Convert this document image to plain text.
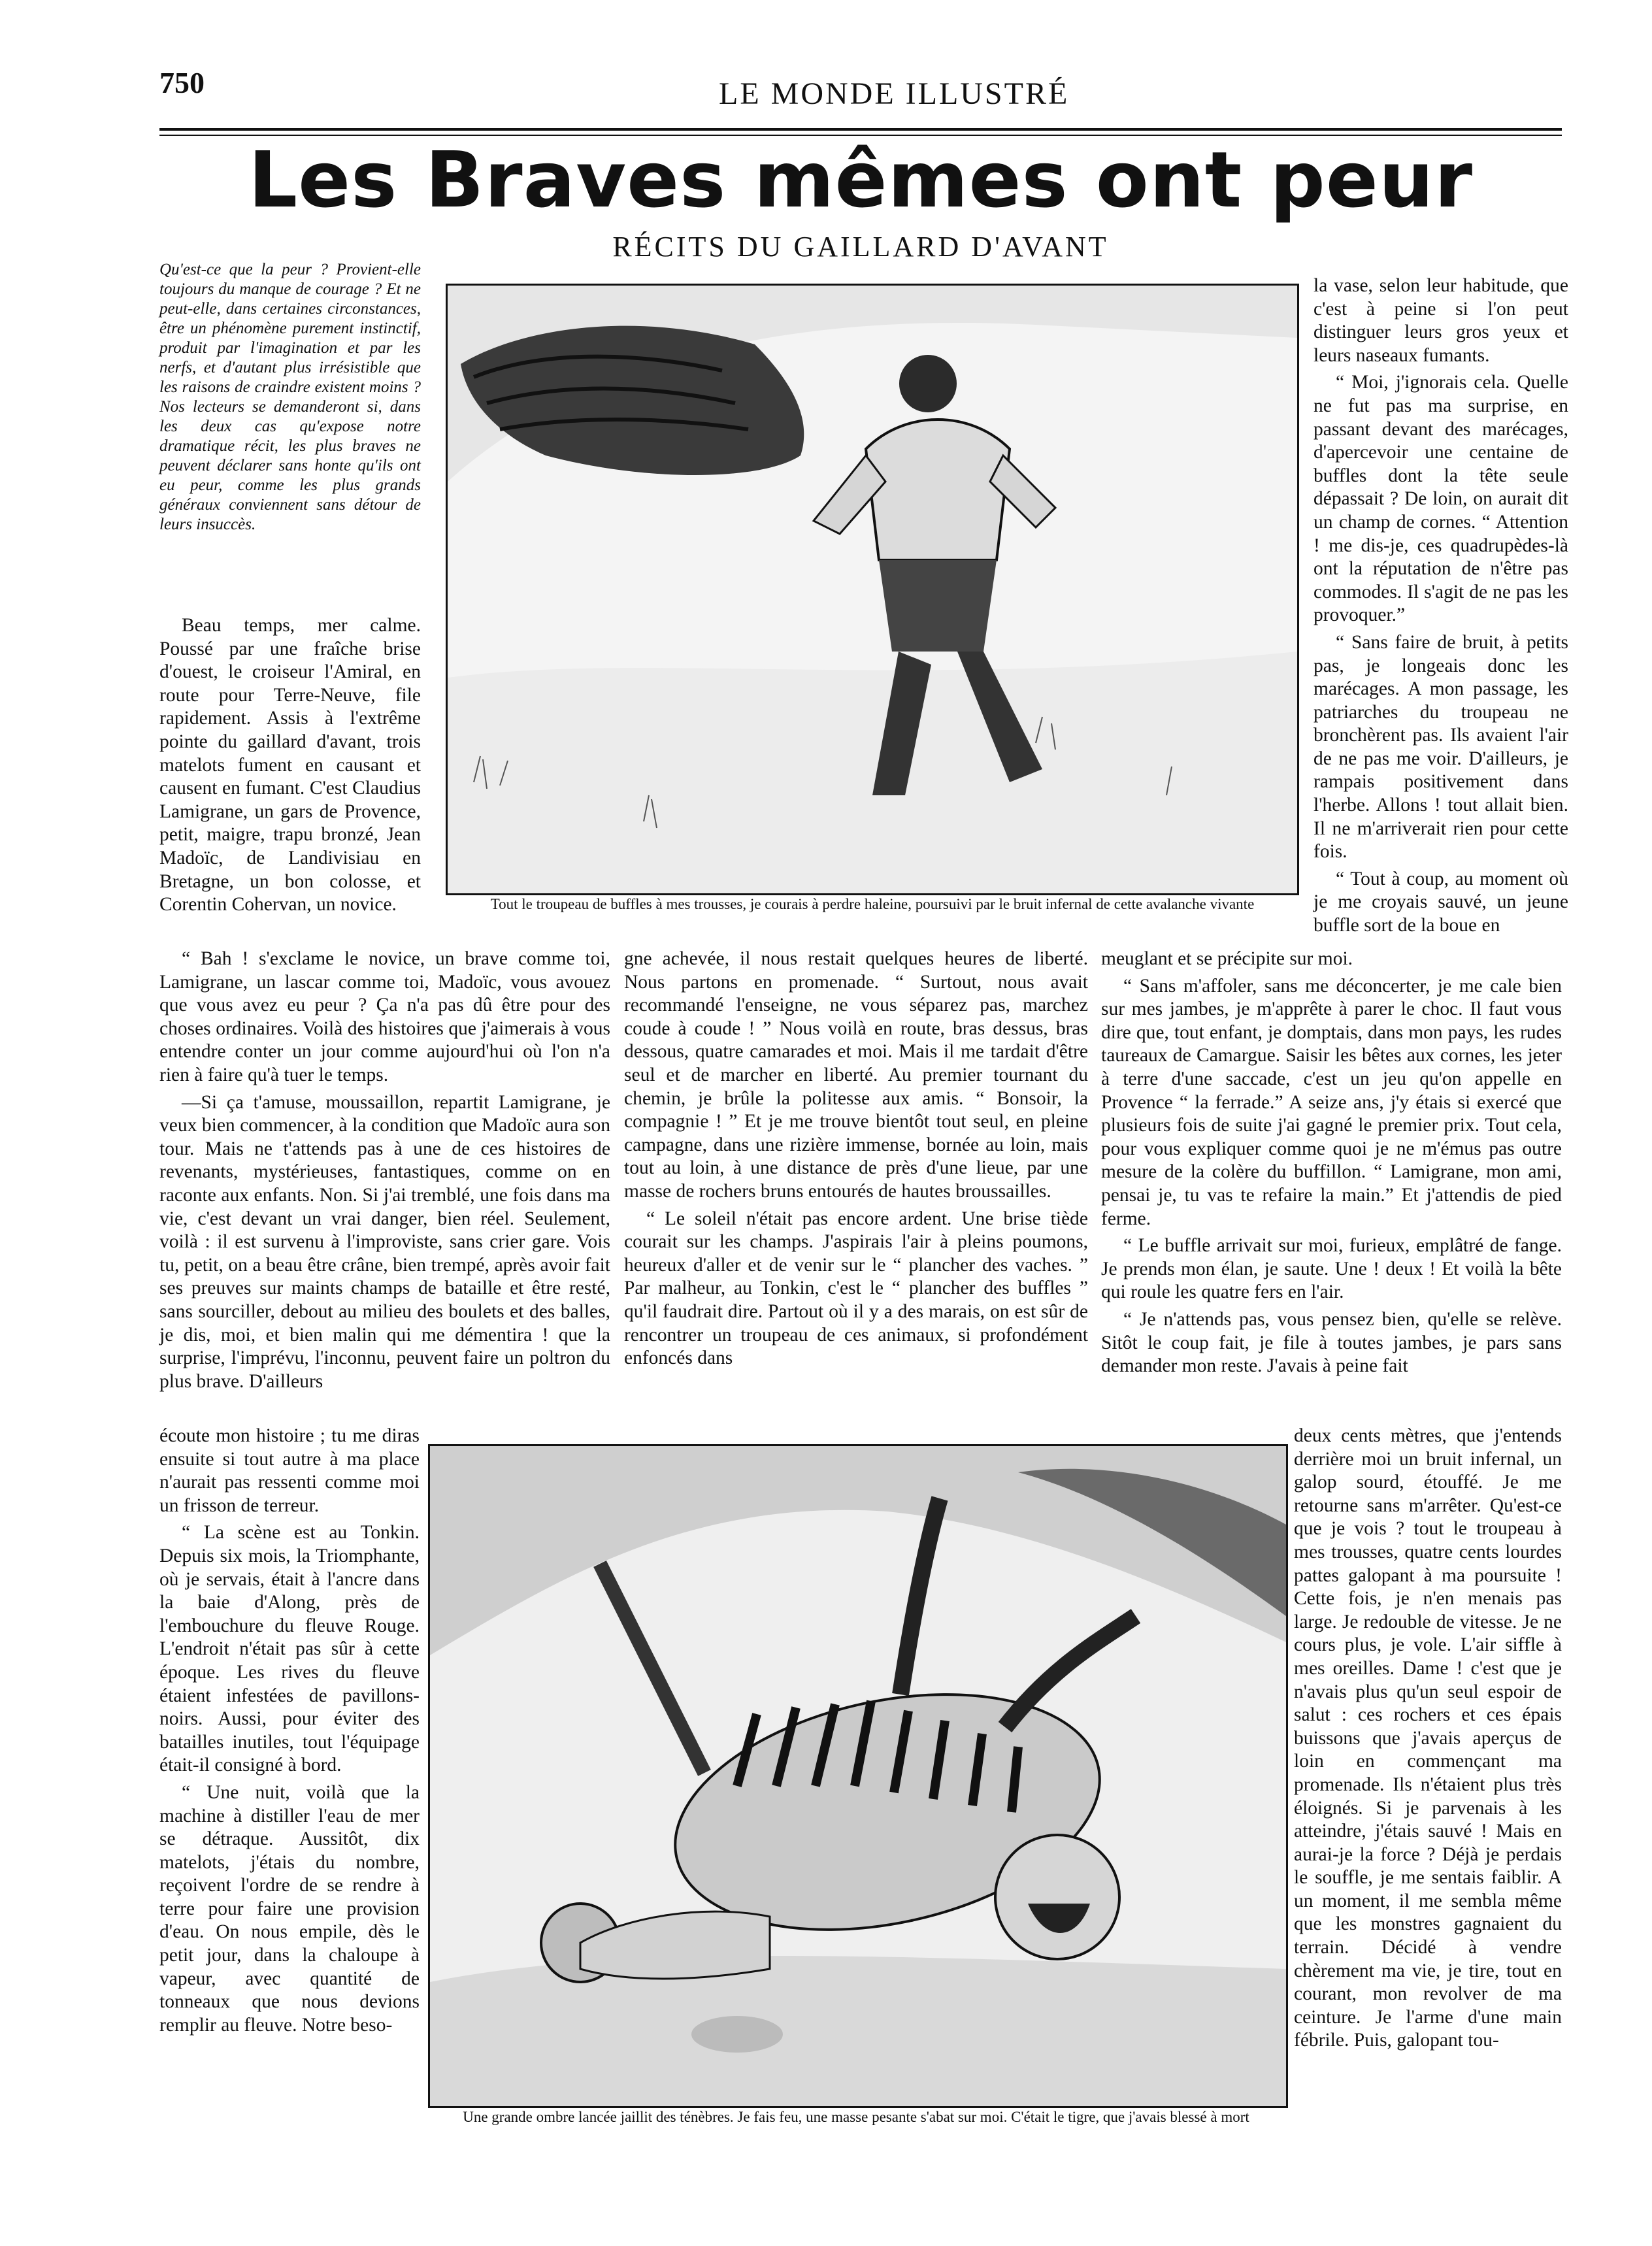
750	LE MONDE ILLUSTRÉ
Les Braves mêmes ont peur
RÉCITS DU GAILLARD D'AVANT
Qu'est-ce que la peur ? Provient-elle toujours du manque de courage ? Et ne peut-elle, dans certaines circonstances, être un phénomène purement instinctif, produit par l'imagination et par les nerfs, et d'autant plus irrésistible que les raisons de craindre existent moins ? Nos lecteurs se demanderont si, dans les deux cas qu'expose notre dramatique récit, les plus braves ne peuvent déclarer sans honte qu'ils ont eu peur, comme les plus grands généraux conviennent sans détour de leurs insuccès.

Beau temps, mer calme. Poussé par une fraîche brise d'ouest, le croiseur l'Amiral, en route pour Terre-Neuve, file rapidement. Assis à l'extrême pointe du gaillard d'avant, trois matelots fument en causant et causent en fumant. C'est Claudius Lamigrane, un gars de Provence, petit, maigre, trapu bronzé, Jean Madoïc, de Landivisiau en Bretagne, un bon colosse, et Corentin Cohervan, un novice.

“ Bah ! s'exclame le novice, un brave comme toi, Lamigrane, un lascar comme toi, Madoïc, vous avouez que vous avez eu peur ? Ça n'a pas dû être pour des choses ordinaires. Voilà des histoires que j'aimerais à vous entendre conter un jour comme aujourd'hui où l'on n'a rien à faire qu'à tuer le temps.

—Si ça t'amuse, moussaillon, repartit Lamigrane, je veux bien commencer, à la condition que Madoïc aura son tour. Mais ne t'attends pas à une de ces histoires de revenants, mystérieuses, fantastiques, comme on en raconte aux enfants. Non. Si j'ai tremblé, une fois dans ma vie, c'est devant un vrai danger, bien réel. Seulement, voilà : il est survenu à l'improviste, sans crier gare. Vois tu, petit, on a beau être crâne, bien trempé, après avoir fait ses preuves sur maints champs de bataille et être resté, sans sourciller, debout au milieu des boulets et des balles, je dis, moi, et bien malin qui me démentira ! que la surprise, l'imprévu, l'inconnu, peuvent faire un poltron du plus brave. D'ailleurs

écoute mon histoire ; tu me diras ensuite si tout autre à ma place n'aurait pas ressenti comme moi un frisson de terreur.

“ La scène est au Tonkin. Depuis six mois, la Triomphante, où je servais, était à l'ancre dans la baie d'Along, près de l'embouchure du fleuve Rouge. L'endroit n'était pas sûr à cette époque. Les rives du fleuve étaient infestées de pavillons-noirs. Aussi, pour éviter des batailles inutiles, tout l'équipage était-il consigné à bord.

“ Une nuit, voilà que la machine à distiller l'eau de mer se détraque. Aussitôt, dix matelots, j'étais du nombre, reçoivent l'ordre de se rendre à terre pour faire une provision d'eau. On nous empile, dès le petit jour, dans la chaloupe à vapeur, avec quantité de tonneaux que nous devions remplir au fleuve. Notre beso-

gne achevée, il nous restait quelques heures de liberté. Nous partons en promenade. “ Surtout, nous avait recommandé l'enseigne, ne vous séparez pas, marchez coude à coude ! ” Nous voilà en route, bras dessus, bras dessous, quatre camarades et moi. Mais il me tardait d'être seul et de marcher en liberté. Au premier tournant du chemin, je brûle la politesse aux amis. “ Bonsoir, la compagnie ! ” Et je me trouve bientôt tout seul, en pleine campagne, dans une rizière immense, bornée au loin, mais tout au loin, à une distance de près d'une lieue, par une masse de rochers bruns entourés de hautes broussailles.

“ Le soleil n'était pas encore ardent. Une brise tiède courait sur les champs. J'aspirais l'air à pleins poumons, heureux d'aller et de venir sur le “ plancher des vaches. ” Par malheur, au Tonkin, c'est le “ plancher des buffles ” qu'il faudrait dire. Partout où il y a des marais, on est sûr de rencontrer un troupeau de ces animaux, si profondément enfoncés dans

la vase, selon leur habitude, que c'est à peine si l'on peut distinguer leurs gros yeux et leurs naseaux fumants.

“ Moi, j'ignorais cela. Quelle ne fut pas ma surprise, en passant devant des marécages, d'apercevoir une centaine de buffles dont la tête seule dépassait ? De loin, on aurait dit un champ de cornes. “ Attention ! me dis-je, ces quadrupèdes-là ont la réputation de n'être pas commodes. Il s'agit de ne pas les provoquer.”

“ Sans faire de bruit, à petits pas, je longeais donc les marécages. A mon passage, les patriarches du troupeau ne bronchèrent pas. Ils avaient l'air de ne pas me voir. D'ailleurs, je rampais positivement dans l'herbe. Allons ! tout allait bien. Il ne m'arriverait rien pour cette fois.

“ Tout à coup, au moment où je me croyais sauvé, un jeune buffle sort de la boue en

meuglant et se précipite sur moi.

“ Sans m'affoler, sans me déconcerter, je me cale bien sur mes jambes, je m'apprête à parer le choc. Il faut vous dire que, tout enfant, je domptais, dans mon pays, les rudes taureaux de Camargue. Saisir les bêtes aux cornes, les jeter à terre d'une saccade, c'est un jeu qu'on appelle en Provence “ la ferrade.” A seize ans, j'y étais si exercé que plusieurs fois de suite j'ai gagné le premier prix. Tout cela, pour vous expliquer comme quoi je ne m'émus pas outre mesure de la colère du buffillon. “ Lamigrane, mon ami, pensai je, tu vas te refaire la main.” Et j'attendis de pied ferme.

“ Le buffle arrivait sur moi, furieux, emplâtré de fange. Je prends mon élan, je saute. Une ! deux ! Et voilà la bête qui roule les quatre fers en l'air.

“ Je n'attends pas, vous pensez bien, qu'elle se relève. Sitôt le coup fait, je file à toutes jambes, je pars sans demander mon reste. J'avais à peine fait

deux cents mètres, que j'entends derrière moi un bruit infernal, un galop sourd, étouffé. Je me retourne sans m'arrêter. Qu'est-ce que je vois ? tout le troupeau à mes trousses, quatre cents lourdes pattes galopant à ma poursuite ! Cette fois, je n'en menais pas large. Je redouble de vitesse. Je ne cours plus, je vole. L'air siffle à mes oreilles. Dame ! c'est que je n'avais plus qu'un seul espoir de salut : ces rochers et ces épais buissons que j'avais aperçus de loin en commençant ma promenade. Ils n'étaient plus très éloignés. Si je parvenais à les atteindre, j'étais sauvé ! Mais en aurai-je la force ? Déjà je perdais le souffle, je me sentais faiblir. A un moment, il me sembla même que les monstres gagnaient du terrain. Décidé à vendre chèrement ma vie, je tire, tout en courant, mon revolver de ma ceinture. Je l'arme d'une main fébrile. Puis, galopant tou-

Tout le troupeau de buffles à mes trousses, je courais à perdre haleine, poursuivi par le bruit infernal de cette avalanche vivante
Une grande ombre lancée jaillit des ténèbres. Je fais feu, une masse pesante s'abat sur moi. C'était le tigre, que j'avais blessé à mort
